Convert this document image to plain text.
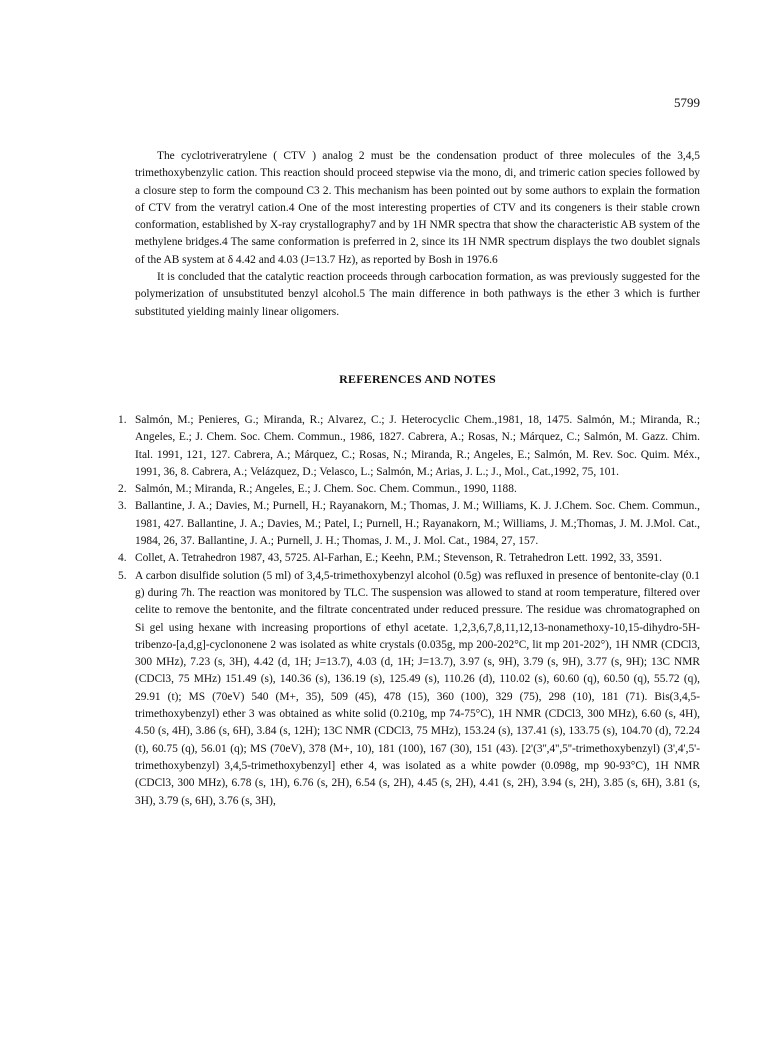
5799

The cyclotriveratrylene ( CTV ) analog 2 must be the condensation product of three molecules of the 3,4,5 trimethoxybenzylic cation. This reaction should proceed stepwise via the mono, di, and trimeric cation species followed by a closure step to form the compound C3 2. This mechanism has been pointed out by some authors to explain the formation of CTV from the veratryl cation.4 One of the most interesting properties of CTV and its congeners is their stable crown conformation, established by X-ray crystallography7 and by 1H NMR spectra that show the characteristic AB system of the methylene bridges.4 The same conformation is preferred in 2, since its 1H NMR spectrum displays the two doublet signals of the AB system at δ 4.42 and 4.03 (J=13.7 Hz), as reported by Bosh in 1976.6

It is concluded that the catalytic reaction proceeds through carbocation formation, as was previously suggested for the polymerization of unsubstituted benzyl alcohol.5 The main difference in both pathways is the ether 3 which is further substituted yielding mainly linear oligomers.

REFERENCES AND NOTES
1. Salmón, M.; Penieres, G.; Miranda, R.; Alvarez, C.; J. Heterocyclic Chem.,1981, 18, 1475. Salmón, M.; Miranda, R.; Angeles, E.; J. Chem. Soc. Chem. Commun., 1986, 1827. Cabrera, A.; Rosas, N.; Márquez, C.; Salmón, M. Gazz. Chim. Ital. 1991, 121, 127. Cabrera, A.; Márquez, C.; Rosas, N.; Miranda, R.; Angeles, E.; Salmón, M. Rev. Soc. Quim. Méx., 1991, 36, 8. Cabrera, A.; Velázquez, D.; Velasco, L.; Salmón, M.; Arias, J. L.; J., Mol., Cat.,1992, 75, 101.
2. Salmón, M.; Miranda, R.; Angeles, E.; J. Chem. Soc. Chem. Commun., 1990, 1188.
3. Ballantine, J. A.; Davies, M.; Purnell, H.; Rayanakorn, M.; Thomas, J. M.; Williams, K. J. J.Chem. Soc. Chem. Commun., 1981, 427. Ballantine, J. A.; Davies, M.; Patel, I.; Purnell, H.; Rayanakorn, M.; Williams, J. M.;Thomas, J. M. J.Mol. Cat., 1984, 26, 37. Ballantine, J. A.; Purnell, J. H.; Thomas, J. M., J. Mol. Cat., 1984, 27, 157.
4. Collet, A. Tetrahedron 1987, 43, 5725. Al-Farhan, E.; Keehn, P.M.; Stevenson, R. Tetrahedron Lett. 1992, 33, 3591.
5. A carbon disulfide solution (5 ml) of 3,4,5-trimethoxybenzyl alcohol (0.5g) was refluxed in presence of bentonite-clay (0.1 g) during 7h. The reaction was monitored by TLC. The suspension was allowed to stand at room temperature, filtered over celite to remove the bentonite, and the filtrate concentrated under reduced pressure. The residue was chromatographed on Si gel using hexane with increasing proportions of ethyl acetate. 1,2,3,6,7,8,11,12,13-nonamethoxy-10,15-dihydro-5H-tribenzo-[a,d,g]-cyclononene 2 was isolated as white crystals (0.035g, mp 200-202°C, lit mp 201-202°), 1H NMR (CDCl3, 300 MHz), 7.23 (s, 3H), 4.42 (d, 1H; J=13.7), 4.03 (d, 1H; J=13.7), 3.97 (s, 9H), 3.79 (s, 9H), 3.77 (s, 9H); 13C NMR (CDCl3, 75 MHz) 151.49 (s), 140.36 (s), 136.19 (s), 125.49 (s), 110.26 (d), 110.02 (s), 60.60 (q), 60.50 (q), 55.72 (q), 29.91 (t); MS (70eV) 540 (M+, 35), 509 (45), 478 (15), 360 (100), 329 (75), 298 (10), 181 (71). Bis(3,4,5-trimethoxybenzyl) ether 3 was obtained as white solid (0.210g, mp 74-75°C), 1H NMR (CDCl3, 300 MHz), 6.60 (s, 4H), 4.50 (s, 4H), 3.86 (s, 6H), 3.84 (s, 12H); 13C NMR (CDCl3, 75 MHz), 153.24 (s), 137.41 (s), 133.75 (s), 104.70 (d), 72.24 (t), 60.75 (q), 56.01 (q); MS (70eV), 378 (M+, 10), 181 (100), 167 (30), 151 (43). [2'(3'',4'',5''-trimethoxybenzyl) (3',4',5'-trimethoxybenzyl) 3,4,5-trimethoxybenzyl] ether 4, was isolated as a white powder (0.098g, mp 90-93°C), 1H NMR (CDCl3, 300 MHz), 6.78 (s, 1H), 6.76 (s, 2H), 6.54 (s, 2H), 4.45 (s, 2H), 4.41 (s, 2H), 3.94 (s, 2H), 3.85 (s, 6H), 3.81 (s, 3H), 3.79 (s, 6H), 3.76 (s, 3H),
